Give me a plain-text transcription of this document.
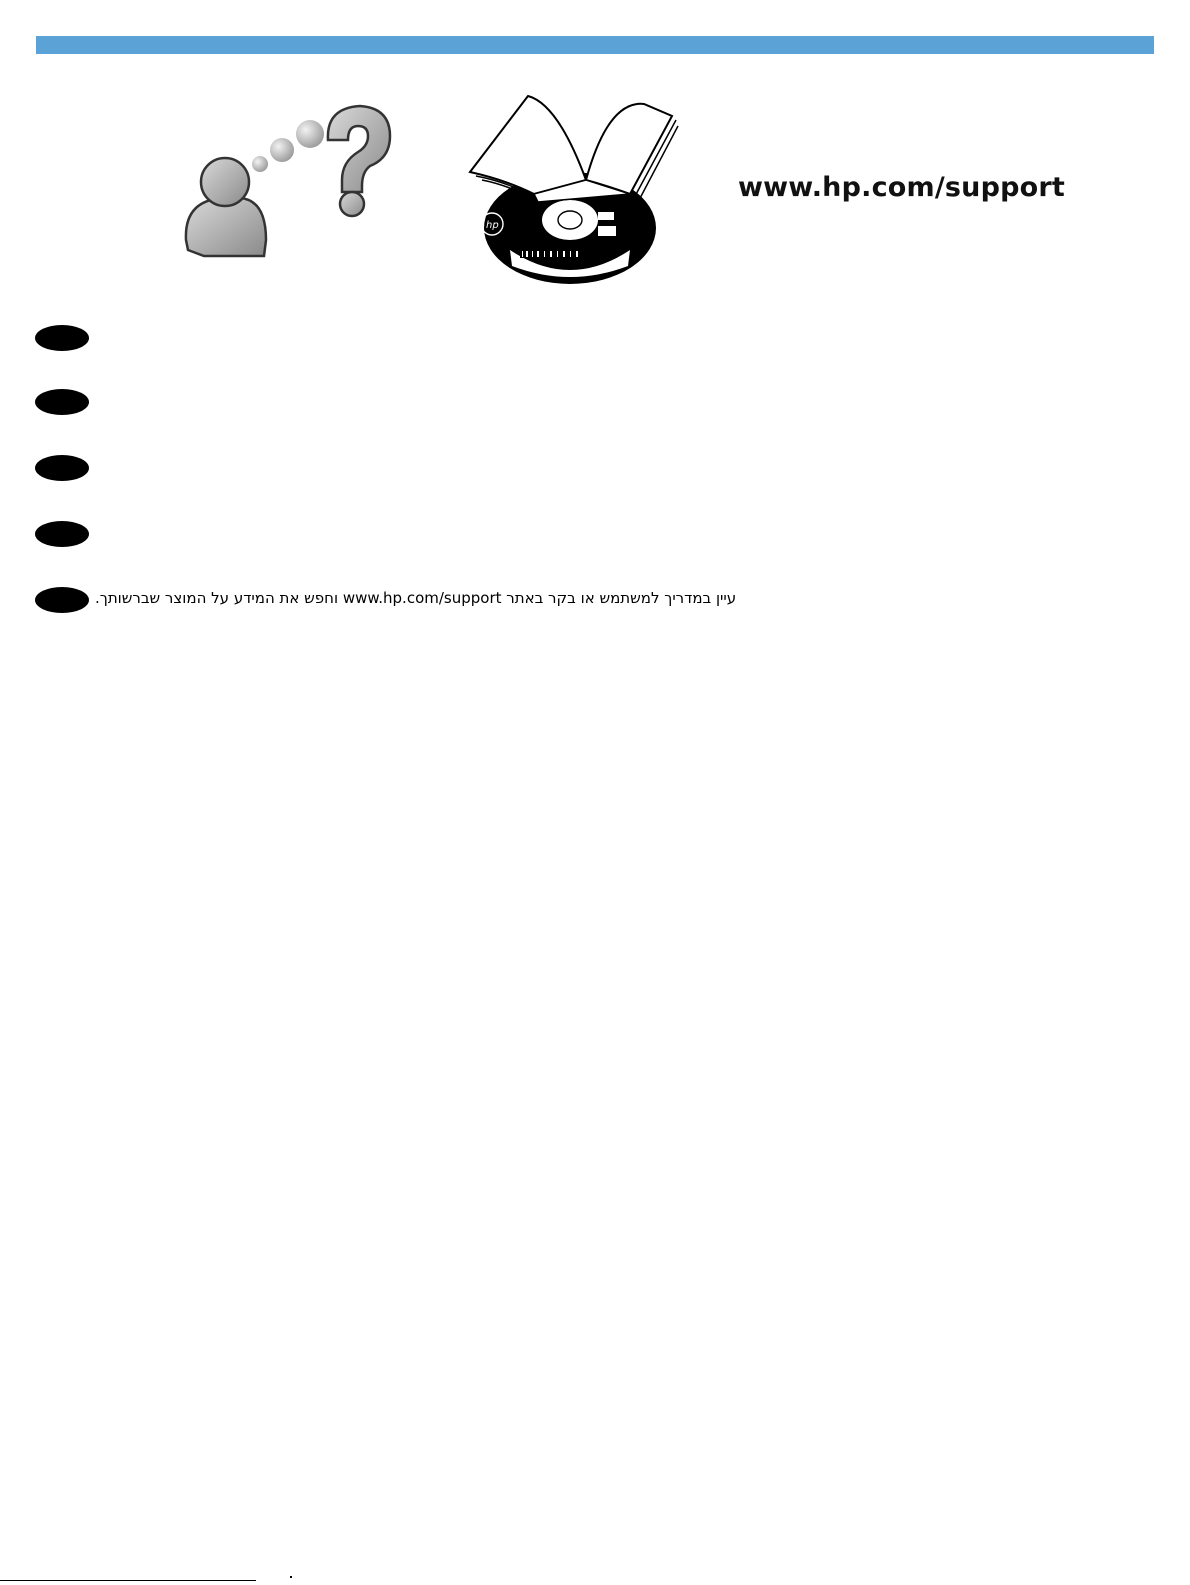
hp
www.hp.com/support
עיין במדריך למשתמש או בקר באתר www.hp.com/support וחפש את המידע על המוצר שברשותך.
